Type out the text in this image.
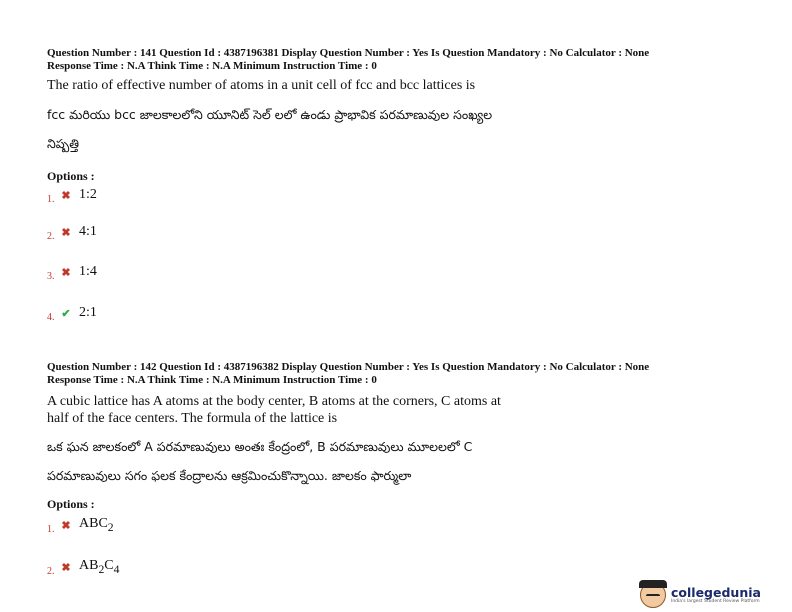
Question Number : 141 Question Id : 4387196381 Display Question Number : Yes Is Question Mandatory : No Calculator : None

Response Time : N.A Think Time : N.A Minimum Instruction Time : 0

The ratio of effective number of atoms in a unit cell of fcc and bcc lattices is

fcc మరియు bcc జాలకాలలోని యూనిట్ సెల్ లలో ఉండు ప్రాభావిక పరమాణువుల సంఖ్యల

నిష్పత్తి

Options :

1. ✖ 1:2
2. ✖ 4:1
3. ✖ 1:4
4. ✔ 2:1

Question Number : 142 Question Id : 4387196382 Display Question Number : Yes Is Question Mandatory : No Calculator : None

Response Time : N.A Think Time : N.A Minimum Instruction Time : 0

A cubic lattice has A atoms at the body center, B atoms at the corners, C atoms at

half of the face centers. The formula of the lattice is

ఒక ఘన జాలకంలో A పరమాణువులు అంతః కేంద్రంలో, B పరమాణువులు మూలలలో C

పరమాణువులు సగం ఫలక కేంద్రాలను ఆక్రమించుకొన్నాయి. జాలకం ఫార్ములా

Options :

1. ✖ $ABC_2$
2. ✖ $AB_2C_4$
collegedunia
India's largest Student Review Platform
